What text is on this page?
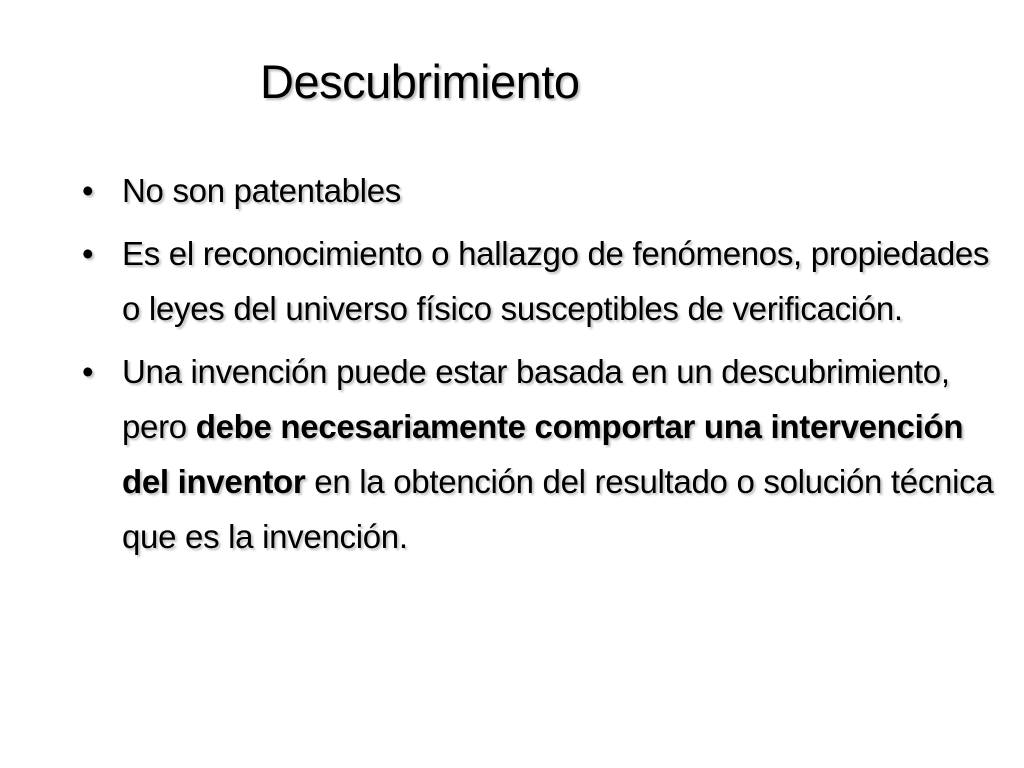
Descubrimiento
• No son patentables
• Es el reconocimiento o hallazgo de fenómenos, propiedades o leyes del universo físico susceptibles de verificación.
• Una invención puede estar basada en un descubrimiento, pero debe necesariamente comportar una intervención del inventor en la obtención del resultado o solución técnica que es la invención.
